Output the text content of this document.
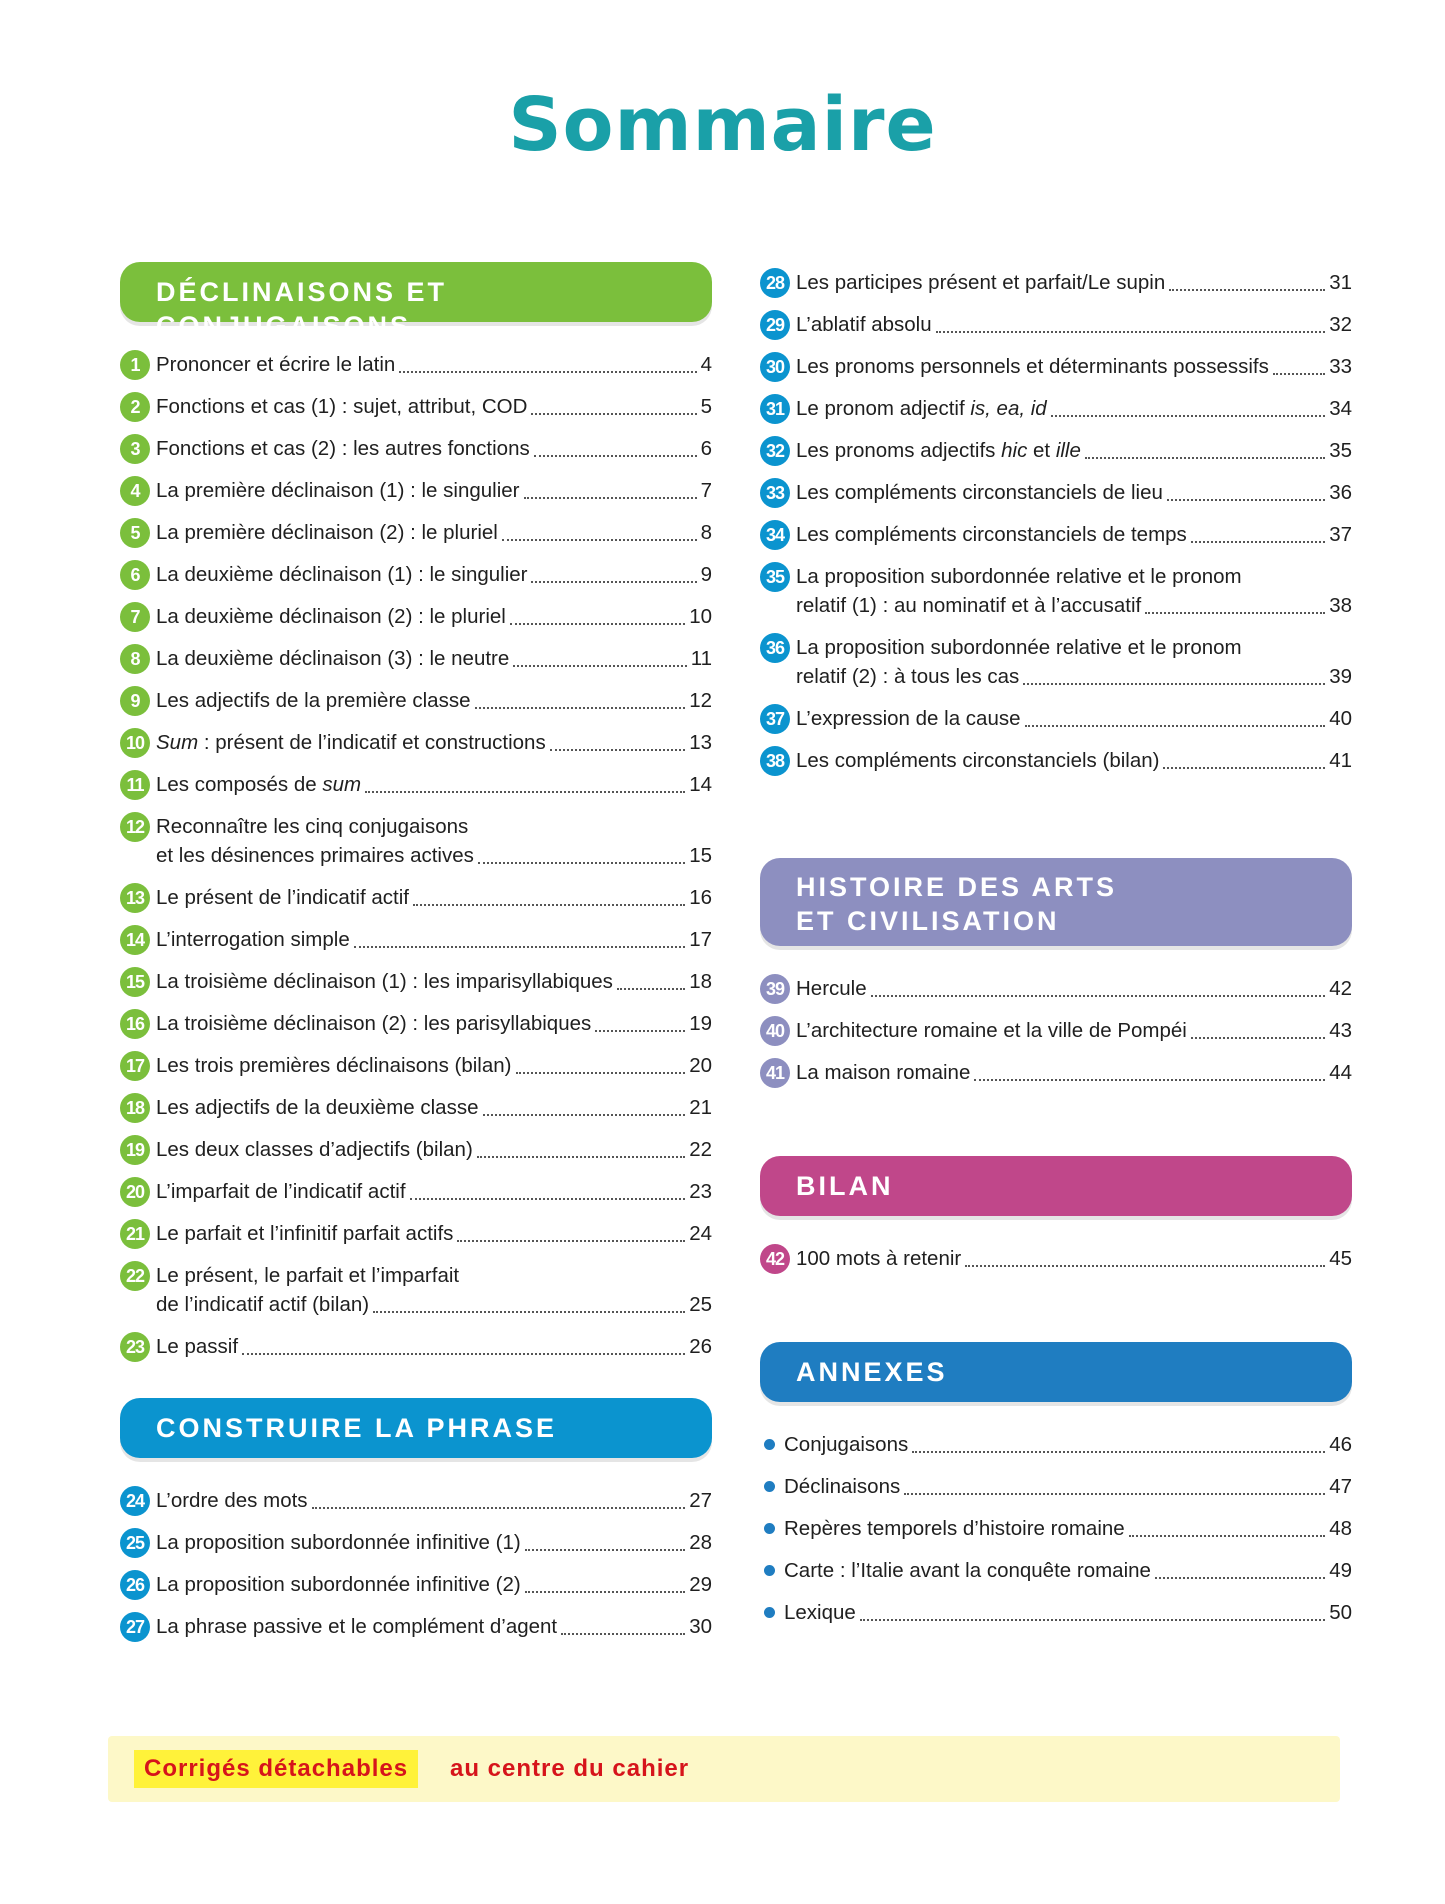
Sommaire
DÉCLINAISONS ET CONJUGAISONS
1 Prononcer et écrire le latin	4
2 Fonctions et cas (1) : sujet, attribut, COD	5
3 Fonctions et cas (2) : les autres fonctions	6
4 La première déclinaison (1) : le singulier	7
5 La première déclinaison (2) : le pluriel	8
6 La deuxième déclinaison (1) : le singulier	9
7 La deuxième déclinaison (2) : le pluriel	10
8 La deuxième déclinaison (3) : le neutre	11
9 Les adjectifs de la première classe	12
10 Sum : présent de l’indicatif et constructions	13
11 Les composés de sum	14
12 Reconnaître les cinq conjugaisons
et les désinences primaires actives	15
13 Le présent de l’indicatif actif	16
14 L’interrogation simple	17
15 La troisième déclinaison (1) : les imparisyllabiques	18
16 La troisième déclinaison (2) : les parisyllabiques	19
17 Les trois premières déclinaisons (bilan)	20
18 Les adjectifs de la deuxième classe	21
19 Les deux classes d’adjectifs (bilan)	22
20 L’imparfait de l’indicatif actif	23
21 Le parfait et l’infinitif parfait actifs	24
22 Le présent, le parfait et l’imparfait
de l’indicatif actif (bilan)	25
23 Le passif	26
CONSTRUIRE LA PHRASE
24 L’ordre des mots	27
25 La proposition subordonnée infinitive (1)	28
26 La proposition subordonnée infinitive (2)	29
27 La phrase passive et le complément d’agent	30
28 Les participes présent et parfait/Le supin	31
29 L’ablatif absolu	32
30 Les pronoms personnels et déterminants possessifs	33
31 Le pronom adjectif is, ea, id	34
32 Les pronoms adjectifs hic et ille	35
33 Les compléments circonstanciels de lieu	36
34 Les compléments circonstanciels de temps	37
35 La proposition subordonnée relative et le pronom
relatif (1) : au nominatif et à l’accusatif	38
36 La proposition subordonnée relative et le pronom
relatif (2) : à tous les cas	39
37 L’expression de la cause	40
38 Les compléments circonstanciels (bilan)	41
HISTOIRE DES ARTS
ET CIVILISATION
39 Hercule	42
40 L’architecture romaine et la ville de Pompéi	43
41 La maison romaine	44
BILAN
42 100 mots à retenir	45
ANNEXES
Conjugaisons	46
Déclinaisons	47
Repères temporels d’histoire romaine	48
Carte : l’Italie avant la conquête romaine	49
Lexique	50
Corrigés détachables	au centre du cahier
